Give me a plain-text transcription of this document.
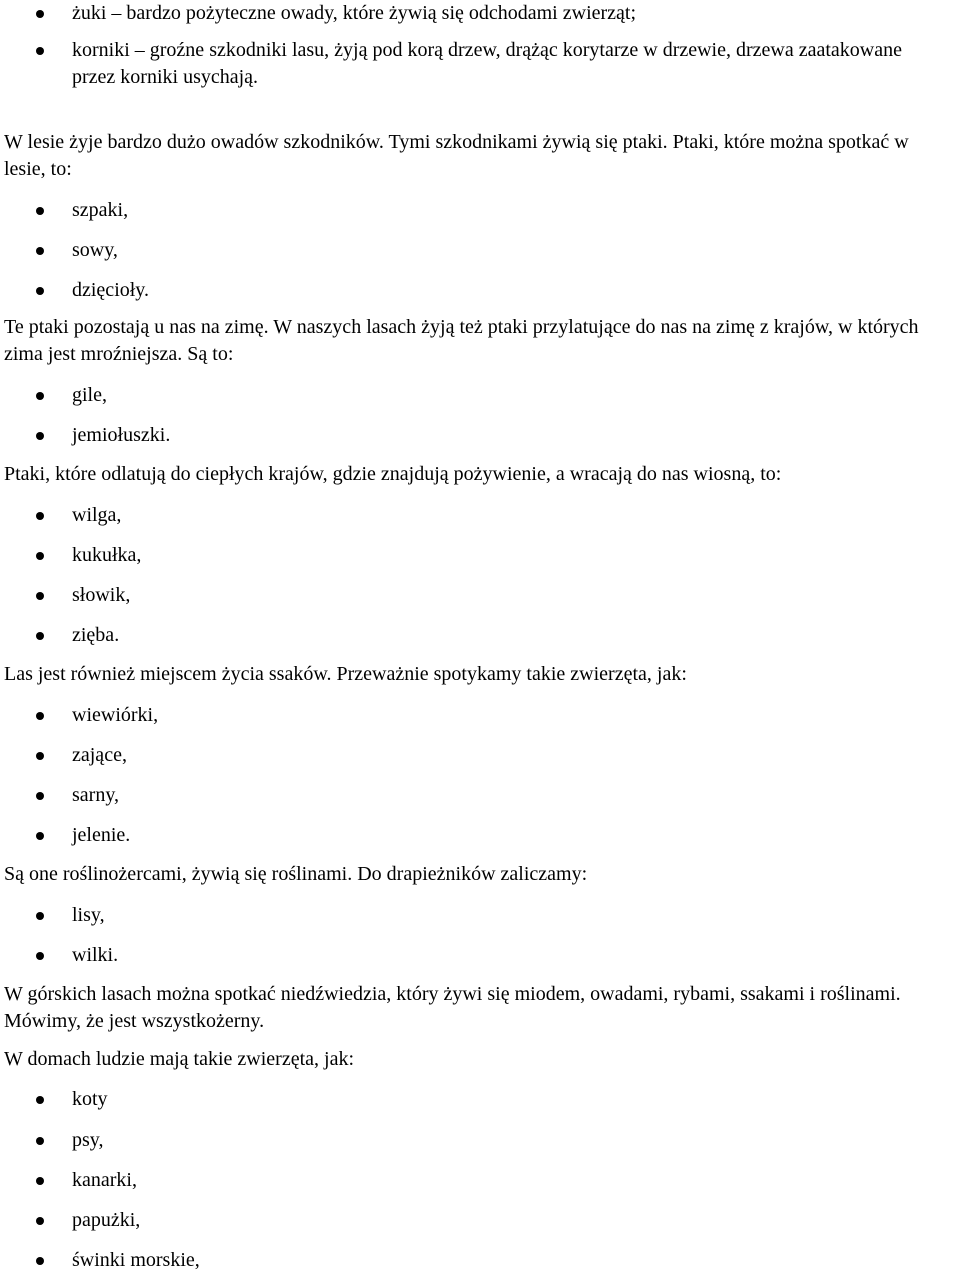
żuki – bardzo pożyteczne owady, które żywią się odchodami zwierząt;
korniki – groźne szkodniki lasu, żyją pod korą drzew, drążąc korytarze w drzewie, drzewa zaatakowane przez korniki usychają.

W lesie żyje bardzo dużo owadów szkodników. Tymi szkodnikami żywią się ptaki. Ptaki, które można spotkać w lesie, to:

szpaki,
sowy,
dzięcioły.

Te ptaki pozostają u nas na zimę. W naszych lasach żyją też ptaki przylatujące do nas na zimę z krajów, w których zima jest mroźniejsza. Są to:

gile,
jemiołuszki.

Ptaki, które odlatują do ciepłych krajów, gdzie znajdują pożywienie, a wracają do nas wiosną, to:

wilga,
kukułka,
słowik,
zięba.

Las jest również miejscem życia ssaków. Przeważnie spotykamy takie zwierzęta, jak:

wiewiórki,
zające,
sarny,
jelenie.

Są one roślinożercami, żywią się roślinami. Do drapieżników zaliczamy:

lisy,
wilki.

W górskich lasach można spotkać niedźwiedzia, który żywi się miodem, owadami, rybami, ssakami i roślinami. Mówimy, że jest wszystkożerny.

W domach ludzie mają takie zwierzęta, jak:

koty
psy,
kanarki,
papużki,
świnki morskie,
